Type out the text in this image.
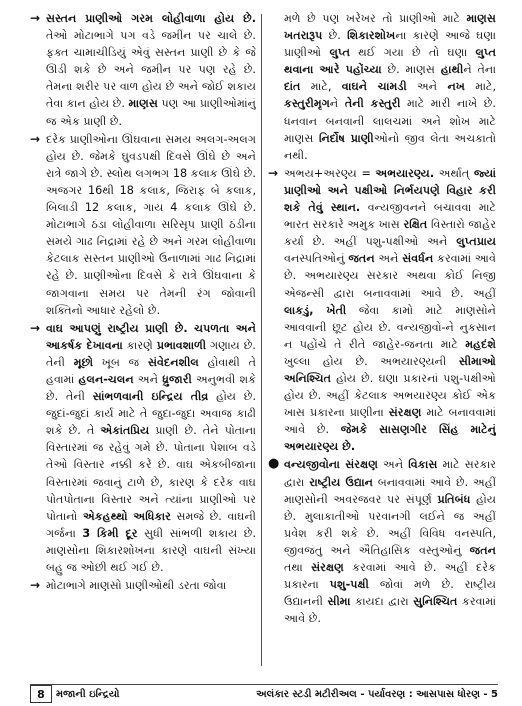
→ સસ્તન પ્રાણીઓ ગરમ લોહીવાળા હોય છે. તેઓ મોટાભાગે પગ વડે જમીન પર ચાલે છે. ફક્ત ચામાચીડિયું એવું સસ્તન પ્રાણી છે કે જે ઊડી શકે છે અને જમીન પર પણ રહે છે. તેમના શરીર પર વાળ હોય છે અને જોઈ શકાય તેવા કાન હોય છે. માણસ પણ આ પ્રાણીઓમાંનું જ એક પ્રાણી છે.

→ દરેક પ્રાણીઓના ઊંઘવાના સમય અલગ-અલગ હોય છે. જેમકે ઘુવડપક્ષી દિવસે ઊંઘે છે અને રાત્રે જાગે છે. સ્લોથ લગભગ 18 કલાક ઊંઘે છે. અજગર 16થી 18 કલાક, જિરાફ બે કલાક, બિલાડી 12 કલાક, ગાય 4 કલાક ઊંઘે છે. મોટાભાગે ઠંડા લોહીવાળા સરિસૃપ પ્રાણી ઠંડીના સમયે ગાઢ નિદ્રામાં રહે છે અને ગરમ લોહીવાળા કેટલાક સસ્તન પ્રાણીઓ ઉનાળામાં ગાઢ નિદ્રામાં રહે છે. પ્રાણીઓના દિવસે કે રાત્રે ઊંઘવાના કે જાગવાના સમય પર તેમની રંગ જોવાની શક્તિનો આધાર રહેલો છે.

→ વાઘ આપણું રાષ્ટ્રીય પ્રાણી છે. ચપળતા અને આકર્ષક દેખાવના કારણે પ્રભાવશાળી ગણાય છે. તેની મૂછો ખૂબ જ સંવેદનશીલ હોવાથી તે હવામાં હલન-ચલન અને ધ્રુજારી અનુભવી શકે છે. તેની સાંભળવાની ઇન્દ્રિય તીવ્ર હોય છે. જુદાં-જુદાં કાર્ય માટે તે જુદા-જુદા અવાજ કાઢી શકે છે. તે એકાંતપ્રિય પ્રાણી છે. તેને પોતાના વિસ્તારમાં જ રહેવું ગમે છે. પોતાના પેશાબ વડે તેઓ વિસ્તાર નક્કી કરે છે. વાઘ એકબીજાના વિસ્તારમાં જવાનું ટાળે છે, કારણ કે દરેક વાઘ પોતપોતાના વિસ્તાર અને ત્યાંના પ્રાણીઓ પર પોતાનો એકહથ્થો અધિકાર સમજે છે. વાઘની ગર્જના 3 કિમી દૂર સુધી સાંભળી શકાય છે. માણસોના શિકારશોખના કારણે વાઘની સંખ્યા બહુ જ ઓછી થઈ ગઈ છે.

→ મોટાભાગે માણસો પ્રાણીઓથી ડરતા જોવા

મળે છે પણ ખરેખર તો પ્રાણીઓ માટે માણસ ખતરારૂપ છે. શિકારશોખના કારણે આજે ઘણા પ્રાણીઓ લુપ્ત થઈ ગયા છે તો ઘણા લુપ્ત થવાના આરે પહોંચ્યા છે. માણસ હાથીને તેના દાંત માટે, વાઘને ચામડી અને નખ માટે, કસ્તુરીમૃગને તેની કસ્તુરી માટે મારી નાખે છે. ધનવાન બનવાની લાલચમાં અને શોખ માટે માણસ નિર્દોષ પ્રાણીઓનો જીવ લેતા અચકાતો નથી.

→ અભય+અરણ્ય = અભયારણ્ય. અર્થાત્ જ્યાં પ્રાણીઓ અને પક્ષીઓ નિર્ભયપણે વિહાર કરી શકે તેવું સ્થાન. વન્યજીવનને બચાવવા માટે ભારત સરકારે અમુક ખાસ રક્ષિત વિસ્તારો જાહેર કર્યા છે. અહીં પશુ-પક્ષીઓ અને લુપ્તપ્રાય વનસ્પતિઓનું જતન અને સંવર્ધન કરવામાં આવે છે. અભયારણ્ય સરકાર અથવા કોઈ નિજી એજન્સી દ્વારા બનાવવામાં આવે છે. અહીં લાકડું, ખેતી જેવા કામો માટે માણસોને આવવાની છૂટ હોય છે. વન્યજીવો-ને નુકસાન ન પહોંચે તે રીતે જાહેર-જનતા માટે મહદંશે ખુલ્લા હોય છે. અભયારણ્યની સીમાઓ અનિશ્ચિત હોય છે. ઘણા પ્રકારનાં પશુ-પક્ષીઓ હોય છે. અહીં કેટલાક અભયારણ્ય કોઈ એક ખાસ પ્રકારના પ્રાણીના સંરક્ષણ માટે બનાવવામાં આવે છે. જેમકે સાસણગીર સિંહ માટેનું અભયારણ્ય છે.

● વન્યજીવોના સંરક્ષણ અને વિકાસ માટે સરકાર દ્વારા રાષ્ટ્રીય ઉદ્યાન બનાવવામાં આવે છે. અહીં માણસોની અવરજવર પર સંપૂર્ણ પ્રતિબંધ હોય છે. મુલાકાતીઓ પરવાનગી લઈને જ અહીં પ્રવેશ કરી શકે છે. અહીં વિવિધ વનસ્પતિ, જીવજંતુ અને ઐતિહાસિક વસ્તુઓનું જતન તથા સંરક્ષણ કરવામાં આવે છે. અહીં દરેક પ્રકારના પશુ-પક્ષી જોવાં મળે છે. રાષ્ટ્રીય ઉદ્યાનની સીમા કાયદા દ્વારા સુનિશ્ચિત કરવામાં આવે છે.

8	મજાની ઇન્દ્રિયો	અલંકાર સ્ટડી મટીરીઅલ - પર્યાવરણ : આસપાસ ધોરણ - 5
